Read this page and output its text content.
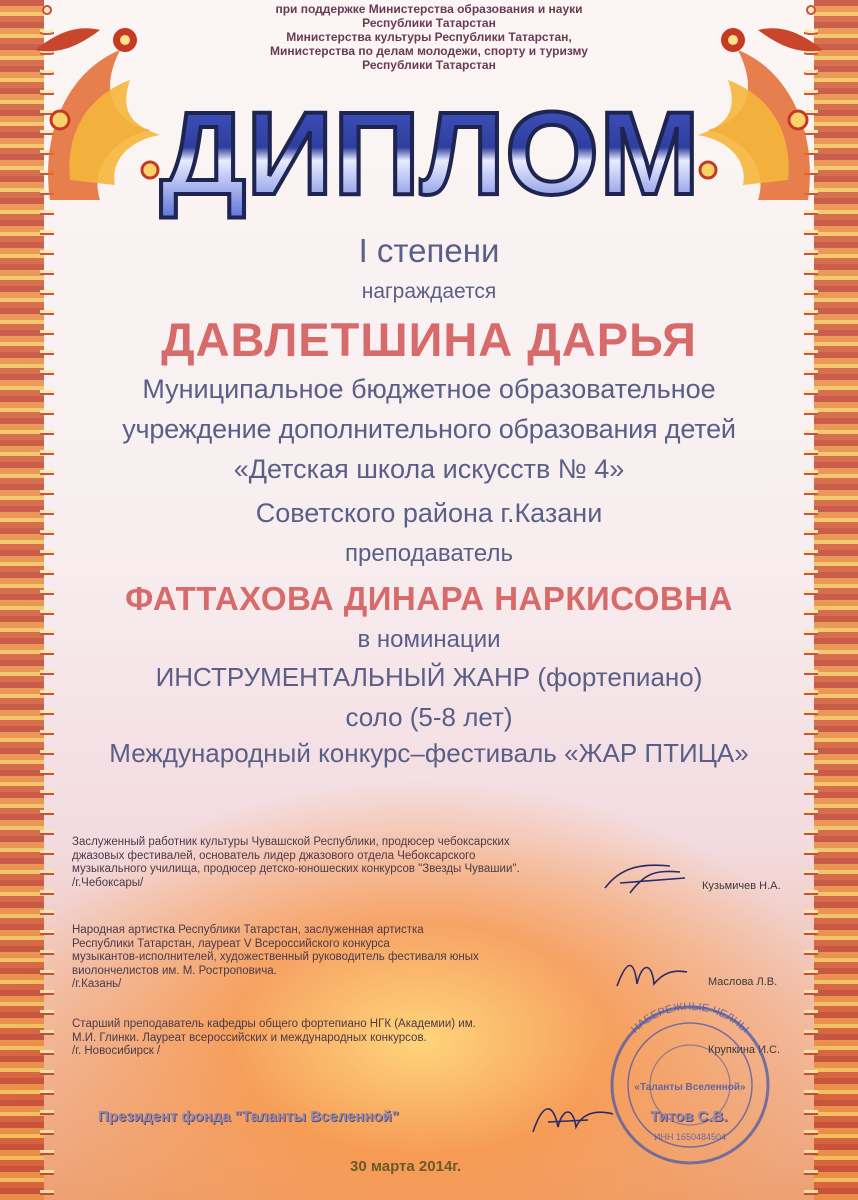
при поддержке Министерства образования и науки
Республики Татарстан
Министерства культуры Республики Татарстан,
Министерства по делам молодежи, спорту и туризму
Республики Татарстан
ДИПЛОМ
I степени
награждается
ДАВЛЕТШИНА ДАРЬЯ
Муниципальное бюджетное образовательное
учреждение дополнительного образования детей
«Детская школа искусств № 4»
Советского района г.Казани
преподаватель
ФАТТАХОВА ДИНАРА НАРКИСОВНА
в номинации
ИНСТРУМЕНТАЛЬНЫЙ ЖАНР (фортепиано)
соло (5-8 лет)
Международный конкурс–фестиваль «ЖАР ПТИЦА»
Заслуженный работник культуры Чувашской Республики, продюсер чебоксарских
джазовых фестивалей, основатель лидер джазового отдела Чебоксарского
музыкального училища, продюсер детско-юношеских конкурсов "Звезды Чувашии".
/г.Чебоксары/	Кузьмичев Н.А.
Народная артистка Республики Татарстан, заслуженная артистка
Республики Татарстан, лауреат V Всероссийского конкурса
музыкантов-исполнителей, художественный руководитель фестиваля юных
виолончелистов им. М. Ростроповича.
/г.Казань/	Маслова Л.В.
Старший преподаватель кафедры общего фортепиано НГК (Академии) им.
М.И. Глинки. Лауреат всероссийских и международных конкурсов.
/г. Новосибирск /	Крупкина И.С.
НАБЕРЕЖНЫЕ ЧЕЛНЫ
«Таланты Вселенной»
ИНН 1650484504
Президент фонда "Таланты Вселенной"	Титов С.В.
30 марта 2014г.
